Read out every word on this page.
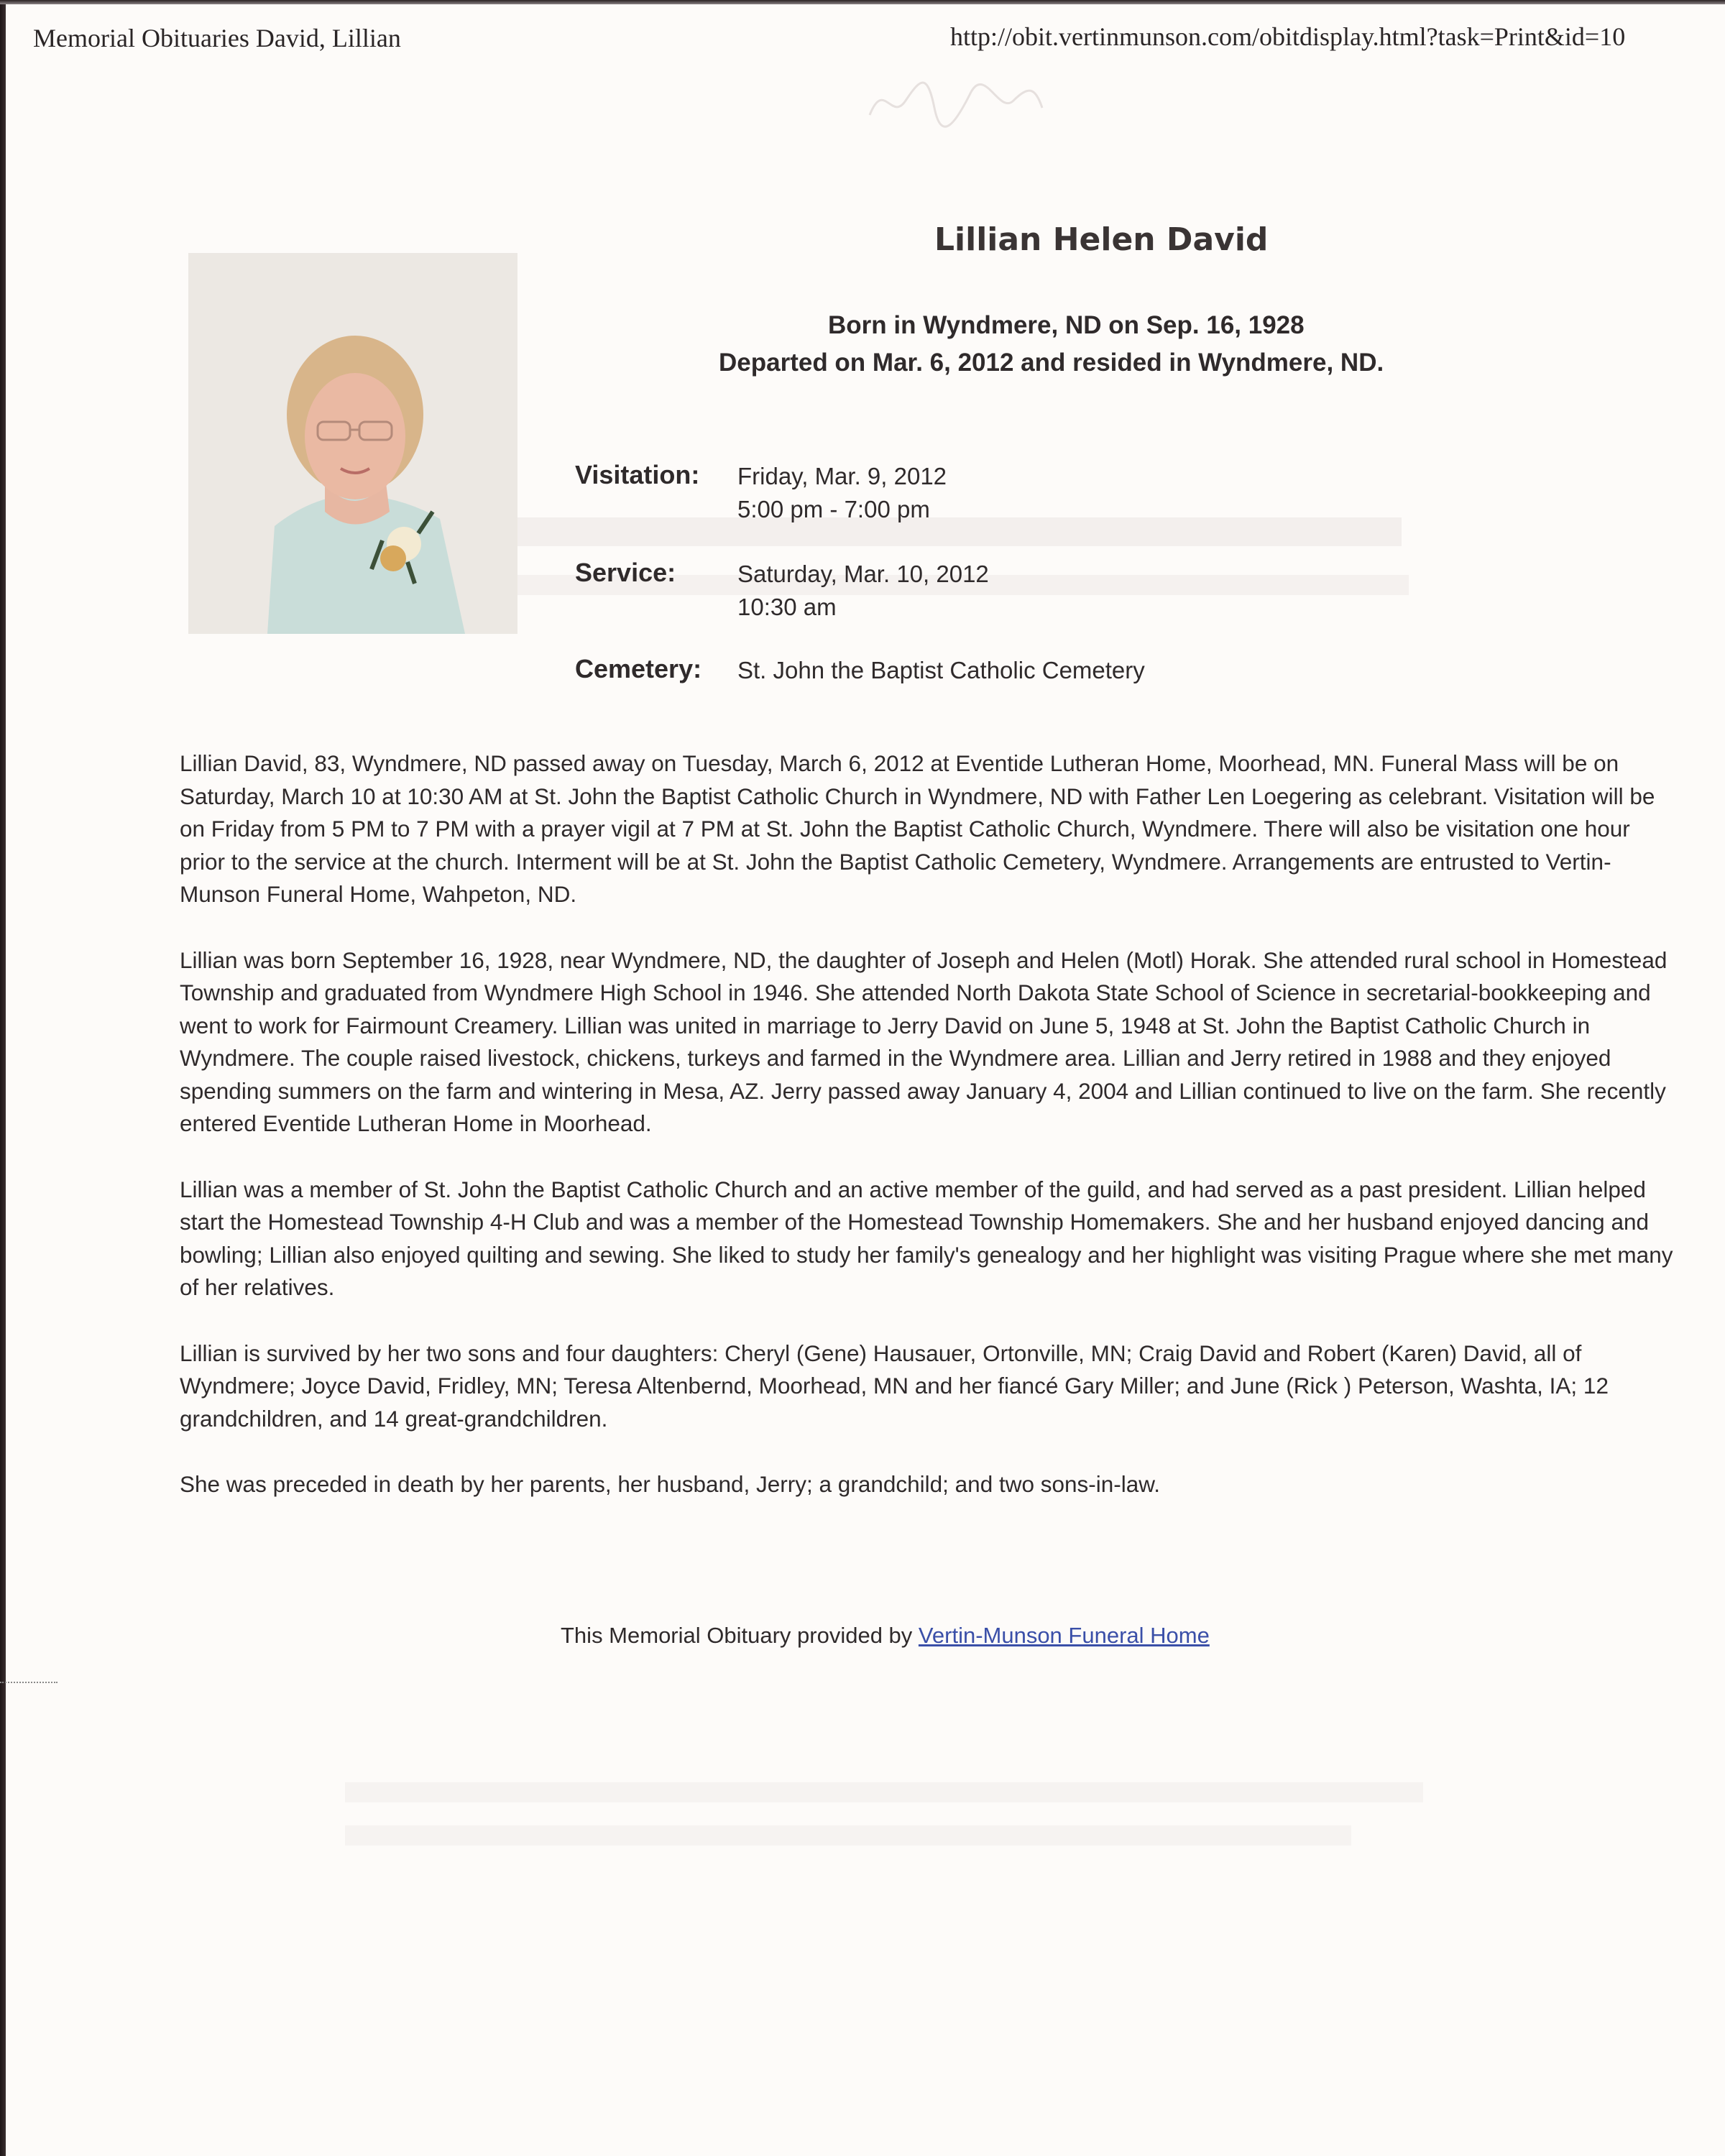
Memorial Obituaries David, Lillian	http://obit.vertinmunson.com/obitdisplay.html?task=Print&id=10
Lillian Helen David
Born in Wyndmere, ND on Sep. 16, 1928
Departed on Mar. 6, 2012 and resided in Wyndmere, ND.
Visitation: Friday, Mar. 9, 2012
5:00 pm - 7:00 pm
Service:	Saturday, Mar. 10, 2012
10:30 am
Cemetery: St. John the Baptist Catholic Cemetery

Lillian David, 83, Wyndmere, ND passed away on Tuesday, March 6, 2012 at Eventide Lutheran Home, Moorhead, MN. Funeral Mass will be on Saturday, March 10 at 10:30 AM at St. John the Baptist Catholic Church in Wyndmere, ND with Father Len Loegering as celebrant. Visitation will be on Friday from 5 PM to 7 PM with a prayer vigil at 7 PM at St. John the Baptist Catholic Church, Wyndmere. There will also be visitation one hour prior to the service at the church. Interment will be at St. John the Baptist Catholic Cemetery, Wyndmere. Arrangements are entrusted to Vertin-Munson Funeral Home, Wahpeton, ND.

Lillian was born September 16, 1928, near Wyndmere, ND, the daughter of Joseph and Helen (Motl) Horak. She attended rural school in Homestead Township and graduated from Wyndmere High School in 1946. She attended North Dakota State School of Science in secretarial-bookkeeping and went to work for Fairmount Creamery. Lillian was united in marriage to Jerry David on June 5, 1948 at St. John the Baptist Catholic Church in Wyndmere. The couple raised livestock, chickens, turkeys and farmed in the Wyndmere area. Lillian and Jerry retired in 1988 and they enjoyed spending summers on the farm and wintering in Mesa, AZ. Jerry passed away January 4, 2004 and Lillian continued to live on the farm. She recently entered Eventide Lutheran Home in Moorhead.

Lillian was a member of St. John the Baptist Catholic Church and an active member of the guild, and had served as a past president. Lillian helped start the Homestead Township 4-H Club and was a member of the Homestead Township Homemakers. She and her husband enjoyed dancing and bowling; Lillian also enjoyed quilting and sewing. She liked to study her family's genealogy and her highlight was visiting Prague where she met many of her relatives.

Lillian is survived by her two sons and four daughters: Cheryl (Gene) Hausauer, Ortonville, MN; Craig David and Robert (Karen) David, all of Wyndmere; Joyce David, Fridley, MN; Teresa Altenbernd, Moorhead, MN and her fiancé Gary Miller; and June (Rick ) Peterson, Washta, IA; 12 grandchildren, and 14 great-grandchildren.

She was preceded in death by her parents, her husband, Jerry; a grandchild; and two sons-in-law.

This Memorial Obituary provided by Vertin-Munson Funeral Home
